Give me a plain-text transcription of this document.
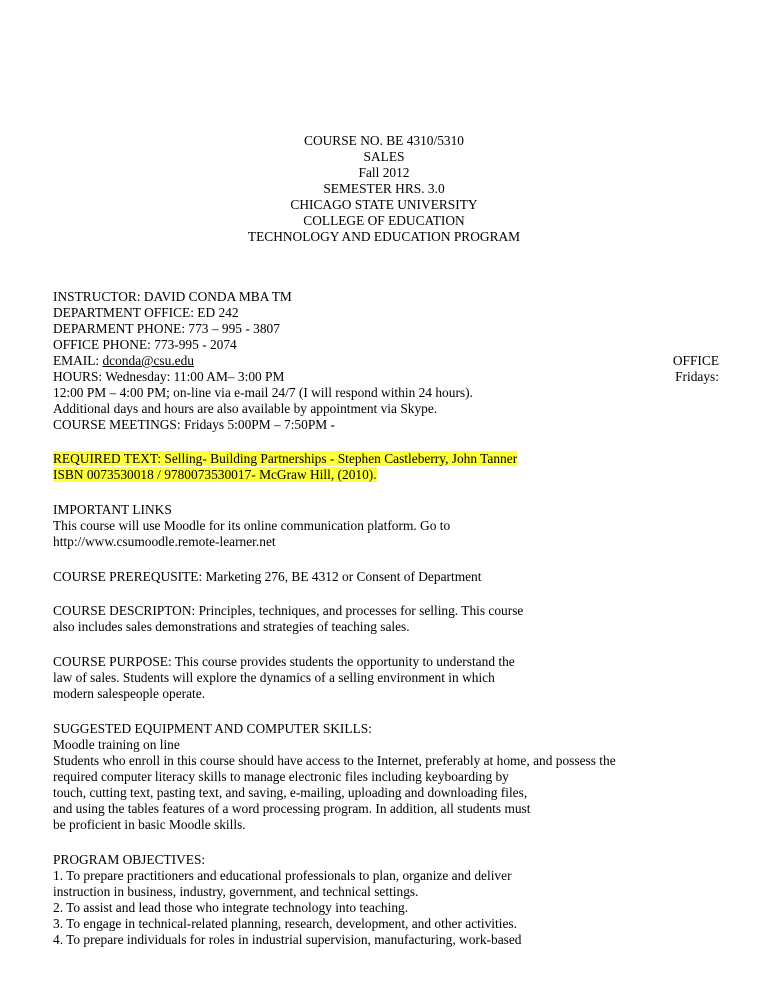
COURSE NO. BE 4310/5310
SALES
Fall 2012
SEMESTER HRS. 3.0
CHICAGO STATE UNIVERSITY
COLLEGE OF EDUCATION
TECHNOLOGY AND EDUCATION PROGRAM
INSTRUCTOR: DAVID CONDA MBA TM
DEPARTMENT OFFICE: ED 242
DEPARMENT PHONE: 773 – 995 - 3807
OFFICE PHONE: 773-995 - 2074
EMAIL: dconda@csu.edu	OFFICE
HOURS: Wednesday: 11:00 AM– 3:00 PM	Fridays:
12:00 PM – 4:00 PM; on-line via e-mail 24/7 (I will respond within 24 hours).
Additional days and hours are also available by appointment via Skype.
COURSE MEETINGS: Fridays 5:00PM – 7:50PM -
REQUIRED TEXT: Selling- Building Partnerships - Stephen Castleberry, John Tanner
ISBN 0073530018 / 9780073530017- McGraw Hill, (2010).
IMPORTANT LINKS
This course will use Moodle for its online communication platform. Go to
http://www.csumoodle.remote-learner.net
COURSE PREREQUSITE: Marketing 276, BE 4312 or Consent of Department
COURSE DESCRIPTON: Principles, techniques, and processes for selling. This course
also includes sales demonstrations and strategies of teaching sales.
COURSE PURPOSE: This course provides students the opportunity to understand the
law of sales. Students will explore the dynamics of a selling environment in which
modern salespeople operate.
SUGGESTED EQUIPMENT AND COMPUTER SKILLS:
Moodle training on line
Students who enroll in this course should have access to the Internet, preferably at home, and possess the
required computer literacy skills to manage electronic files including keyboarding by
touch, cutting text, pasting text, and saving, e-mailing, uploading and downloading files,
and using the tables features of a word processing program. In addition, all students must
be proficient in basic Moodle skills.
PROGRAM OBJECTIVES:
1. To prepare practitioners and educational professionals to plan, organize and deliver
instruction in business, industry, government, and technical settings.
2. To assist and lead those who integrate technology into teaching.
3. To engage in technical-related planning, research, development, and other activities.
4. To prepare individuals for roles in industrial supervision, manufacturing, work-based
